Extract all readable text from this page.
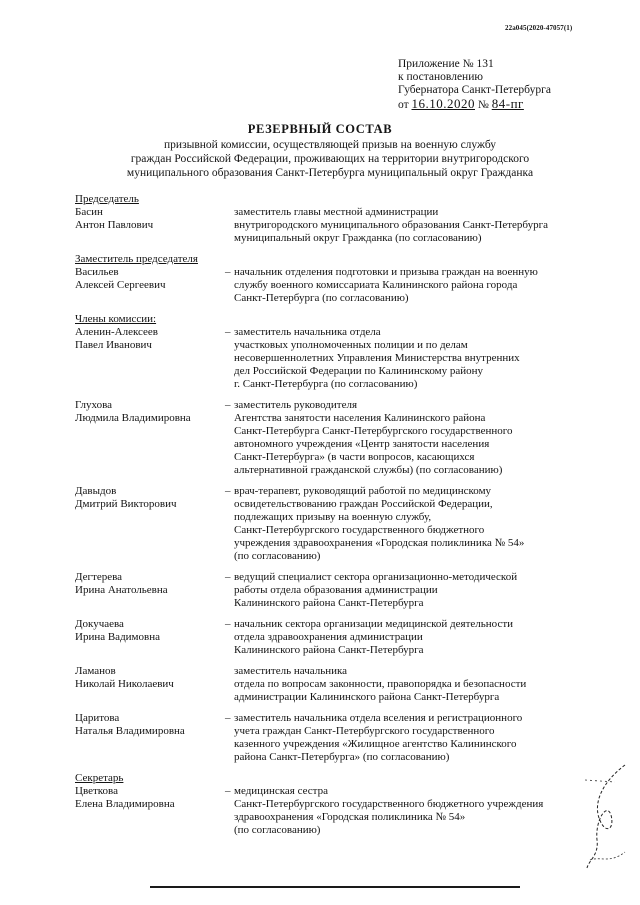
22а045(2020-47057(1)
Приложение № 131
к постановлению
Губернатора Санкт-Петербурга
от 16.10.2020 № 84-пг
РЕЗЕРВНЫЙ СОСТАВ
призывной комиссии, осуществляющей призыв на военную службу
граждан Российской Федерации, проживающих на территории внутригородского
муниципального образования Санкт-Петербурга муниципальный округ Гражданка
Председатель
Басин
Антон Павлович
заместитель главы местной администрации
внутригородского муниципального образования Санкт-Петербурга
муниципальный округ Гражданка (по согласованию)
Заместитель председателя
Васильев
Алексей Сергеевич
– начальник отделения подготовки и призыва граждан на военную
службу военного комиссариата Калининского района города
Санкт-Петербурга (по согласованию)
Члены комиссии:
Аленин-Алексеев
Павел Иванович
– заместитель начальника отдела
участковых уполномоченных полиции и по делам
несовершеннолетних Управления Министерства внутренних
дел Российской Федерации по Калининскому району
г. Санкт-Петербурга (по согласованию)
Глухова
Людмила Владимировна
– заместитель руководителя
Агентства занятости населения Калининского района
Санкт-Петербурга Санкт-Петербургского государственного
автономного учреждения «Центр занятости населения
Санкт-Петербурга» (в части вопросов, касающихся
альтернативной гражданской службы) (по согласованию)
Давыдов
Дмитрий Викторович
– врач-терапевт, руководящий работой по медицинскому
освидетельствованию граждан Российской Федерации,
подлежащих призыву на военную службу,
Санкт-Петербургского государственного бюджетного
учреждения здравоохранения «Городская поликлиника № 54»
(по согласованию)
Дегтерева
Ирина Анатольевна
– ведущий специалист сектора организационно-методической
работы отдела образования администрации
Калининского района Санкт-Петербурга
Докучаева
Ирина Вадимовна
– начальник сектора организации медицинской деятельности
отдела здравоохранения администрации
Калининского района Санкт-Петербурга
Ламанов
Николай Николаевич
заместитель начальника
отдела по вопросам законности, правопорядка и безопасности
администрации Калининского района Санкт-Петербурга
Царитова
Наталья Владимировна
– заместитель начальника отдела вселения и регистрационного
учета граждан Санкт-Петербургского государственного
казенного учреждения «Жилищное агентство Калининского
района Санкт-Петербурга» (по согласованию)
Секретарь
Цветкова
Елена Владимировна
– медицинская сестра
Санкт-Петербургского государственного бюджетного учреждения
здравоохранения «Городская поликлиника № 54»
(по согласованию)
